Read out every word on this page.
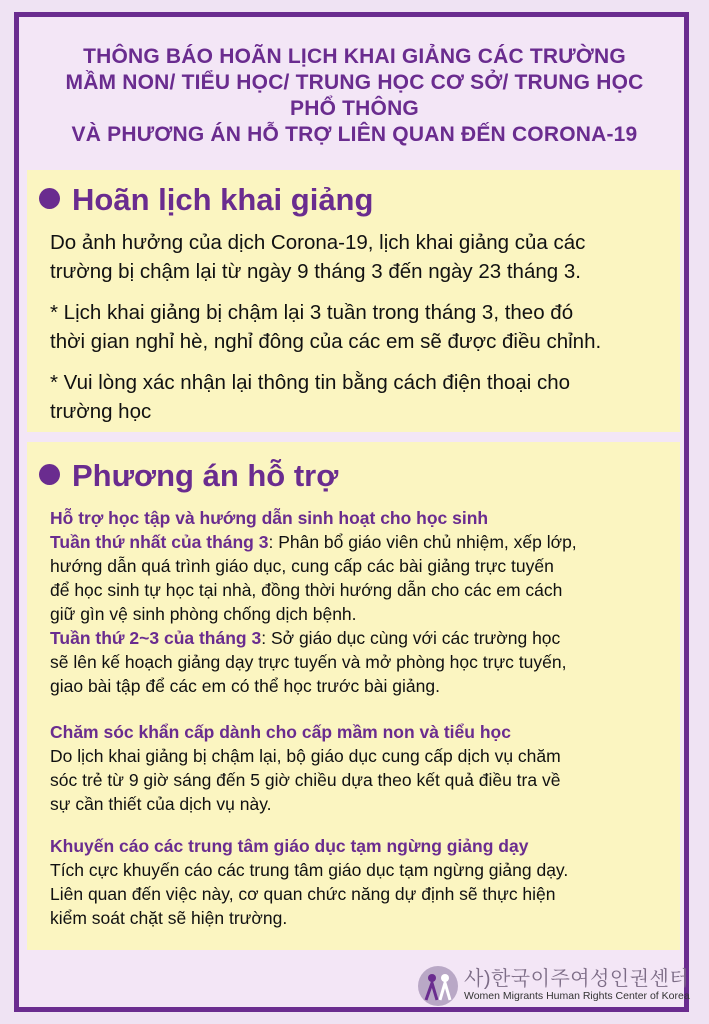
THÔNG BÁO HOÃN LỊCH KHAI GIẢNG CÁC TRƯỜNG
MẦM NON/ TIỂU HỌC/ TRUNG HỌC CƠ SỞ/ TRUNG HỌC
PHỔ THÔNG
VÀ PHƯƠNG ÁN HỖ TRỢ LIÊN QUAN ĐẾN CORONA-19
Hoãn lịch khai giảng
Do ảnh hưởng của dịch Corona-19, lịch khai giảng của các
trường bị chậm lại từ ngày 9 tháng 3 đến ngày 23 tháng 3.
* Lịch khai giảng bị chậm lại 3 tuần trong tháng 3, theo đó
thời gian nghỉ hè, nghỉ đông của các em sẽ được điều chỉnh.
* Vui lòng xác nhận lại thông tin bằng cách điện thoại cho
trường học
Phương án hỗ trợ
Hỗ trợ học tập và hướng dẫn sinh hoạt cho học sinh
Tuần thứ nhất của tháng 3: Phân bổ giáo viên chủ nhiệm, xếp lớp,
hướng dẫn quá trình giáo dục, cung cấp các bài giảng trực tuyến
để học sinh tự học tại nhà, đồng thời hướng dẫn cho các em cách
giữ gìn vệ sinh phòng chống dịch bệnh.
Tuần thứ 2~3 của tháng 3: Sở giáo dục cùng với các trường học
sẽ lên kế hoạch giảng dạy trực tuyến và mở phòng học trực tuyến,
giao bài tập để các em có thể học trước bài giảng.
Chăm sóc khẩn cấp dành cho cấp mầm non và tiểu học
Do lịch khai giảng bị chậm lại, bộ giáo dục cung cấp dịch vụ chăm
sóc trẻ từ 9 giờ sáng đến 5 giờ chiều dựa theo kết quả điều tra về
sự cần thiết của dịch vụ này.
Khuyến cáo các trung tâm giáo dục tạm ngừng giảng dạy
Tích cực khuyến cáo các trung tâm giáo dục tạm ngừng giảng dạy.
Liên quan đến việc này, cơ quan chức năng dự định sẽ thực hiện
kiểm soát chặt sẽ hiện trường.
사)한국이주여성인권센터
Women Migrants Human Rights Center of Korea
